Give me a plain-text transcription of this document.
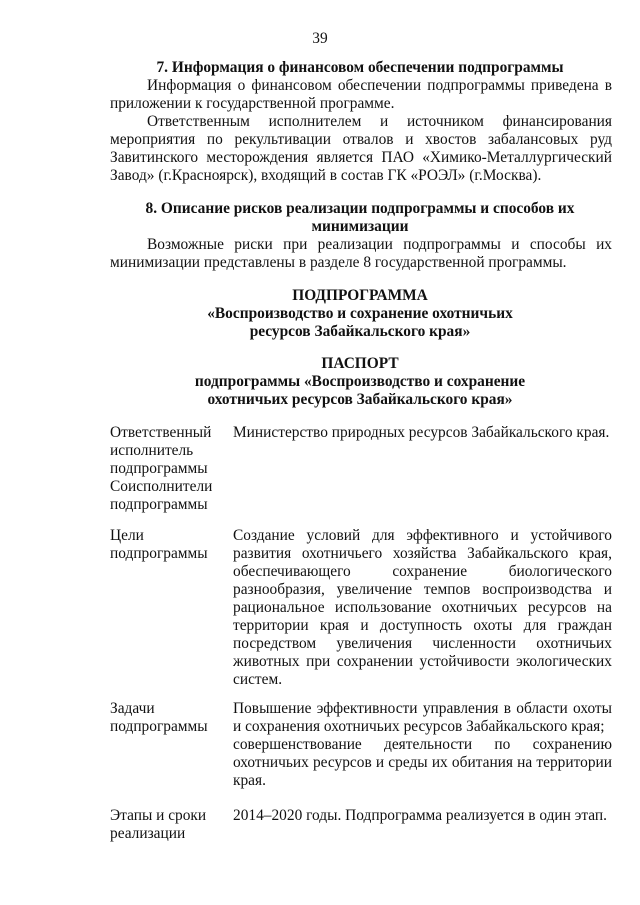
39
7. Информация о финансовом обеспечении подпрограммы
Информация о финансовом обеспечении подпрограммы приведена в приложении к государственной программе.
Ответственным исполнителем и источником финансирования мероприятия по рекультивации отвалов и хвостов забалансовых руд Завитинского месторождения является ПАО «Химико-Металлургический Завод» (г.Красноярск), входящий в состав ГК «РОЭЛ» (г.Москва).
8. Описание рисков реализации подпрограммы и способов их
минимизации
Возможные риски при реализации подпрограммы и способы их минимизации представлены в разделе 8 государственной программы.
ПОДПРОГРАММА
«Воспроизводство и сохранение охотничьих
ресурсов Забайкальского края»
ПАСПОРТ
подпрограммы «Воспроизводство и сохранение
охотничьих ресурсов Забайкальского края»
Ответственный
исполнитель
подпрограммы
Соисполнители
подпрограммы
Министерство природных ресурсов Забайкальского края.
Цели
подпрограммы
Создание условий для эффективного и устойчивого развития охотничьего хозяйства Забайкальского края, обеспечивающего сохранение биологического разнообразия, увеличение темпов воспроизводства и рациональное использование охотничьих ресурсов на территории края и доступность охоты для граждан посредством увеличения численности охотничьих животных при сохранении устойчивости экологических систем.
Задачи
подпрограммы

Повышение эффективности управления в области охоты и сохранения охотничьих ресурсов Забайкальского края;

совершенствование деятельности по сохранению охотничьих ресурсов и среды их обитания на территории края.

Этапы и сроки
реализации
2014–2020 годы. Подпрограмма реализуется в один этап.
